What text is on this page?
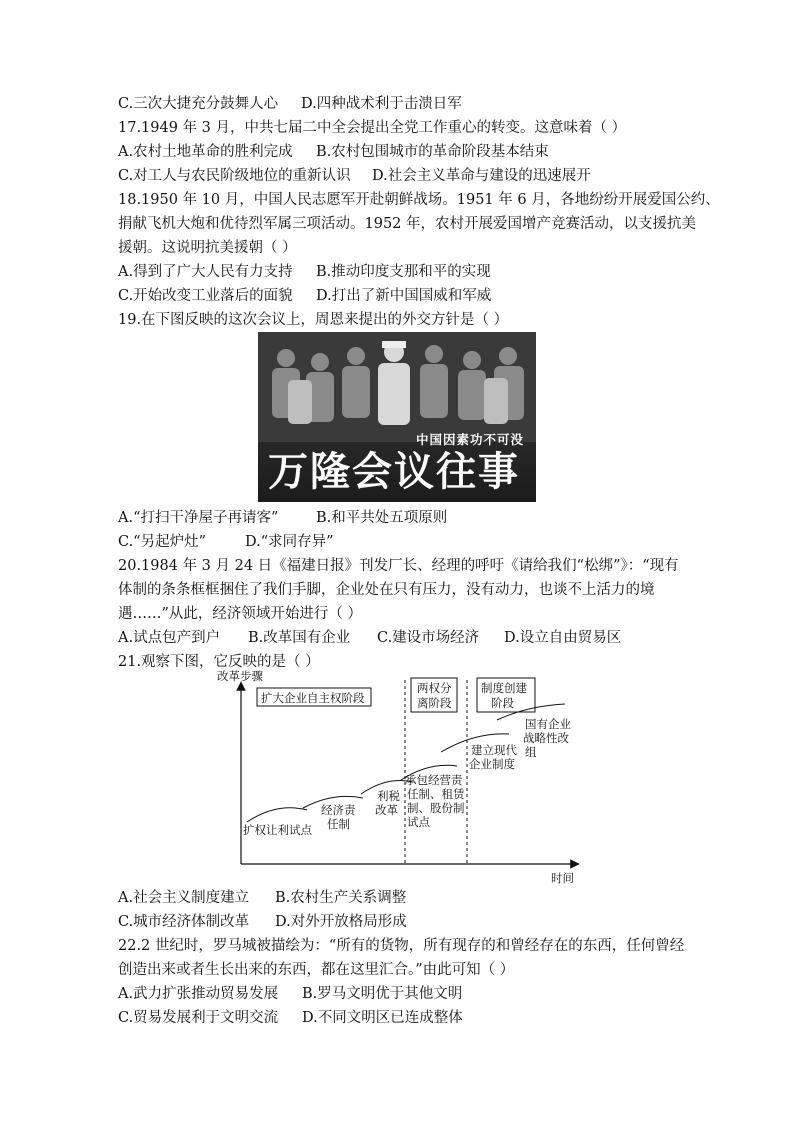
C.三次大捷充分鼓舞人心 D.四种战术利于击溃日军
17.1949 年 3 月，中共七届二中全会提出全党工作重心的转变。这意味着（ ）
A.农村土地革命的胜利完成 B.农村包围城市的革命阶段基本结束
C.对工人与农民阶级地位的重新认识 D.社会主义革命与建设的迅速展开
18.1950 年 10 月，中国人民志愿军开赴朝鲜战场。1951 年 6 月，各地纷纷开展爱国公约、
捐献飞机大炮和优待烈军属三项活动。1952 年，农村开展爱国增产竞赛活动，以支援抗美
援朝。这说明抗美援朝（ ）
A.得到了广大人民有力支持 B.推动印度支那和平的实现
C.开始改变工业落后的面貌 D.打出了新中国国威和军威
19.在下图反映的这次会议上，周恩来提出的外交方针是（ ）
中国因素功不可没
万隆会议往事
A.“打扫干净屋子再请客”	B.和平共处五项原则
C.“另起炉灶”	D.“求同存异”
20.1984 年 3 月 24 日《福建日报》刊发厂长、经理的呼吁《请给我们“松绑”》：“现有
体制的条条框框捆住了我们手脚，企业处在只有压力，没有动力，也谈不上活力的境
遇……”从此，经济领域开始进行（ ）
A.试点包产到户 B.改革国有企业 C.建设市场经济 D.设立自由贸易区
21.观察下图，它反映的是（ ）
改革步骤
时间
扩大企业自主权阶段
两权分
离阶段
制度创建
阶段
扩权让利试点
经济责
任制
利税
改革
承包经营责
任制、租赁
制、股份制
试点
建立现代
企业制度
国有企业
战略性改
组
A.社会主义制度建立 B.农村生产关系调整
C.城市经济体制改革 D.对外开放格局形成
22.2 世纪时，罗马城被描绘为：“所有的货物，所有现存的和曾经存在的东西，任何曾经
创造出来或者生长出来的东西，都在这里汇合。”由此可知（ ）
A.武力扩张推动贸易发展 B.罗马文明优于其他文明
C.贸易发展利于文明交流 D.不同文明区已连成整体
